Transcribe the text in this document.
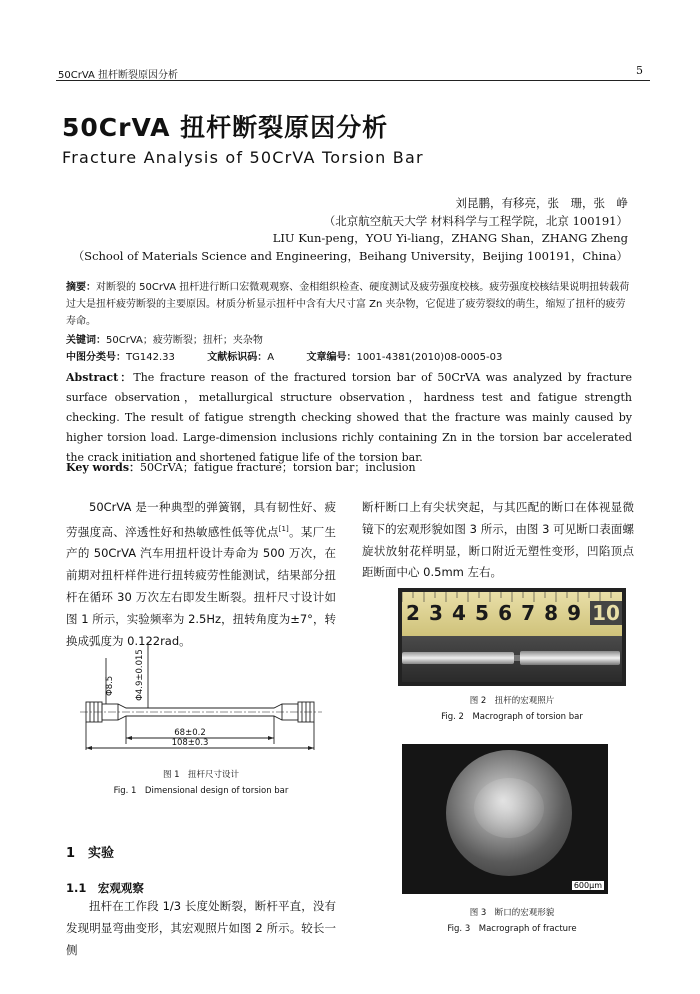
50CrVA 扭杆断裂原因分析	5
50CrVA 扭杆断裂原因分析
Fracture Analysis of 50CrVA Torsion Bar
刘昆鹏，有移亮，张　珊，张　峥
（北京航空航天大学 材料科学与工程学院，北京 100191）
LIU Kun-peng，YOU Yi-liang，ZHANG Shan，ZHANG Zheng
（School of Materials Science and Engineering，Beihang University，Beijing 100191，China）
摘要：对断裂的 50CrVA 扭杆进行断口宏微观观察、金相组织检查、硬度测试及疲劳强度校核。疲劳强度校核结果说明扭转载荷过大是扭杆疲劳断裂的主要原因。材质分析显示扭杆中含有大尺寸富 Zn 夹杂物，它促进了疲劳裂纹的萌生，缩短了扭杆的疲劳寿命。
关键词：50CrVA；疲劳断裂；扭杆；夹杂物
中图分类号：TG142.33	文献标识码：A	文章编号：1001-4381(2010)08-0005-03
Abstract：The fracture reason of the fractured torsion bar of 50CrVA was analyzed by fracture surface observation，metallurgical structure observation，hardness test and fatigue strength checking. The result of fatigue strength checking showed that the fracture was mainly caused by higher torsion load. Large-dimension inclusions richly containing Zn in the torsion bar accelerated the crack initiation and shortened fatigue life of the torsion bar.
Key words：50CrVA；fatigue fracture；torsion bar；inclusion
50CrVA 是一种典型的弹簧钢，具有韧性好、疲劳强度高、淬透性好和热敏感性低等优点[1]。某厂生产的 50CrVA 汽车用扭杆设计寿命为 500 万次，在前期对扭杆样件进行扭转疲劳性能测试，结果部分扭杆在循环 30 万次左右即发生断裂。扭杆尺寸设计如图 1 所示，实验频率为 2.5Hz，扭转角度为±7°，转换成弧度为 0.122rad。
Φ8.5 Φ4.9±0.015
68±0.2
108±0.3
图 1　扭杆尺寸设计
Fig. 1　Dimensional design of torsion bar
1　实验
1.1　宏观观察
扭杆在工作段 1/3 长度处断裂，断杆平直，没有发现明显弯曲变形，其宏观照片如图 2 所示。较长一侧
断杆断口上有尖状突起，与其匹配的断口在体视显微镜下的宏观形貌如图 3 所示，由图 3 可见断口表面螺旋状放射花样明显，断口附近无塑性变形，凹陷顶点距断面中心 0.5mm 左右。
2 3 4 5 6 7 8 9 10
图 2　扭杆的宏观照片
Fig. 2　Macrograph of torsion bar
600μm
图 3　断口的宏观形貌
Fig. 3　Macrograph of fracture
